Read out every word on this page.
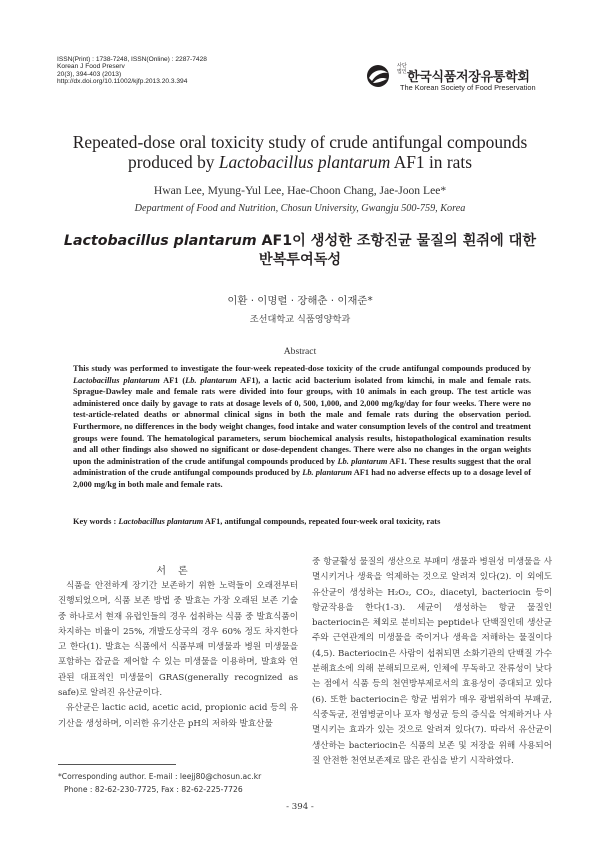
ISSN(Print) : 1738-7248, ISSN(Online) : 2287-7428
Korean J Food Preserv
20(3), 394-403 (2013)
http://dx.doi.org/10.11002/kjfp.2013.20.3.394
사단법인 한국식품저장유통학회
The Korean Society of Food Preservation
Repeated-dose oral toxicity study of crude antifungal compounds
produced by Lactobacillus plantarum AF1 in rats
Hwan Lee, Myung-Yul Lee, Hae-Choon Chang, Jae-Joon Lee*
Department of Food and Nutrition, Chosun University, Gwangju 500-759, Korea
Lactobacillus plantarum AF1이 생성한 조항진균 물질의 흰쥐에 대한
반복투여독성
이환 · 이명렬 · 장해춘 · 이재준*
조선대학교 식품영양학과
Abstract
This study was performed to investigate the four-week repeated-dose toxicity of the crude antifungal compounds produced by Lactobacillus plantarum AF1 (Lb. plantarum AF1), a lactic acid bacterium isolated from kimchi, in male and female rats. Sprague-Dawley male and female rats were divided into four groups, with 10 animals in each group. The test article was administered once daily by gavage to rats at dosage levels of 0, 500, 1,000, and 2,000 mg/kg/day for four weeks. There were no test-article-related deaths or abnormal clinical signs in both the male and female rats during the observation period. Furthermore, no differences in the body weight changes, food intake and water consumption levels of the control and treatment groups were found. The hematological parameters, serum biochemical analysis results, histopathological examination results and all other findings also showed no significant or dose-dependent changes. There were also no changes in the organ weights upon the administration of the crude antifungal compounds produced by Lb. plantarum AF1. These results suggest that the oral administration of the crude antifungal compounds produced by Lb. plantarum AF1 had no adverse effects up to a dosage level of 2,000 mg/kg in both male and female rats.
Key words : Lactobacillus plantarum AF1, antifungal compounds, repeated four-week oral toxicity, rats
서론

식품을 안전하게 장기간 보존하기 위한 노력들이 오래전부터 진행되었으며, 식품 보존 방법 중 발효는 가장 오래된 보존 기술 중 하나로서 현재 유럽인들의 경우 섭취하는 식품 중 발효식품이 차지하는 비율이 25%, 개발도상국의 경우 60% 정도 차지한다고 한다(1). 발효는 식품에서 식품부패 미생물과 병원 미생물을 포함하는 잡균을 제어할 수 있는 미생물을 이용하며, 발효와 연관된 대표적인 미생물이 GRAS(generally recognized as safe)로 알려진 유산균이다.

유산균은 lactic acid, acetic acid, propionic acid 등의 유기산을 생성하며, 이러한 유기산은 pH의 저하와 발효산물

중 항균활성 물질의 생산으로 부패미 생물과 병원성 미생물을 사멸시키거나 생육을 억제하는 것으로 알려져 있다(2). 이 외에도 유산균이 생성하는 H₂O₂, CO₂, diacetyl, bacteriocin 등이 항균작용을 한다(1-3). 세균이 생성하는 항균 물질인 bacteriocin은 체외로 분비되는 peptide나 단백질인데 생산균주와 근연관계의 미생물을 죽이거나 생육을 저해하는 물질이다(4,5). Bacteriocin은 사람이 섭취되면 소화기관의 단백질 가수분해효소에 의해 분해되므로써, 인체에 무독하고 잔류성이 낮다는 점에서 식품 등의 천연방부제로서의 효용성이 증대되고 있다(6). 또한 bacteriocin은 항균 범위가 매우 광범위하여 부패균, 식중독균, 전염병균이나 포자 형성균 등의 증식을 억제하거나 사멸시키는 효과가 있는 것으로 알려져 있다(7). 따라서 유산균이 생산하는 bacteriocin은 식품의 보존 및 저장을 위해 사용되어질 안전한 천연보존제로 많은 관심을 받기 시작하였다.

*Corresponding author. E-mail : leejj80@chosun.ac.kr
Phone : 82-62-230-7725, Fax : 82-62-225-7726
- 394 -
